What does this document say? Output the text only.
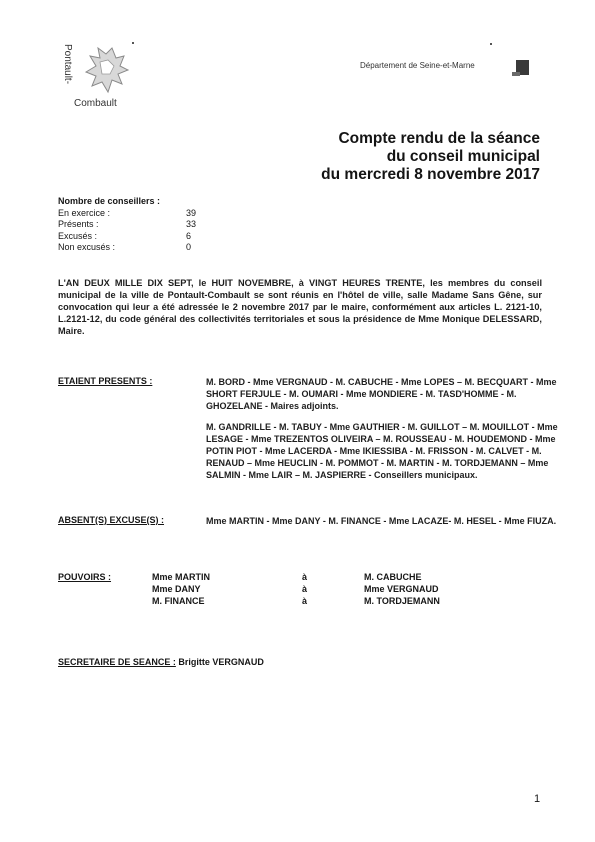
Pontault-
Combault
Département de Seine-et-Marne
Compte rendu de la séance
du conseil municipal
du mercredi 8 novembre 2017
Nombre de conseillers :
En exercice :	39
Présents :	33
Excusés :	6
Non excusés :	0
L'AN DEUX MILLE DIX SEPT, le HUIT NOVEMBRE, à VINGT HEURES TRENTE, les membres du conseil municipal de la ville de Pontault-Combault se sont réunis en l'hôtel de ville, salle Madame Sans Gêne, sur convocation qui leur a été adressée le 2 novembre 2017 par le maire, conformément aux articles L. 2121-10, L.2121-12, du code général des collectivités territoriales et sous la présidence de Mme Monique DELESSARD, Maire.
ETAIENT PRESENTS :	M. BORD - Mme VERGNAUD - M. CABUCHE - Mme LOPES – M. BECQUART - Mme SHORT FERJULE - M. OUMARI - Mme MONDIERE - M. TASD'HOMME - M. GHOZELANE - Maires adjoints.

M. GANDRILLE - M. TABUY - Mme GAUTHIER - M. GUILLOT – M. MOUILLOT - Mme LESAGE - Mme TREZENTOS OLIVEIRA – M. ROUSSEAU - M. HOUDEMOND - Mme POTIN PIOT - Mme LACERDA - Mme IKIESSIBA - M. FRISSON - M. CALVET - M. RENAUD – Mme HEUCLIN - M. POMMOT - M. MARTIN - M. TORDJEMANN – Mme SALMIN - Mme LAIR – M. JASPIERRE - Conseillers municipaux.

ABSENT(S) EXCUSE(S) :	Mme MARTIN - Mme DANY - M. FINANCE - Mme LACAZE- M. HESEL - Mme FIUZA.
POUVOIRS :	Mme MARTIN	à	M. CABUCHE
Mme DANY	à	Mme VERGNAUD
M. FINANCE	à	M. TORDJEMANN
SECRETAIRE DE SEANCE : Brigitte VERGNAUD
1
